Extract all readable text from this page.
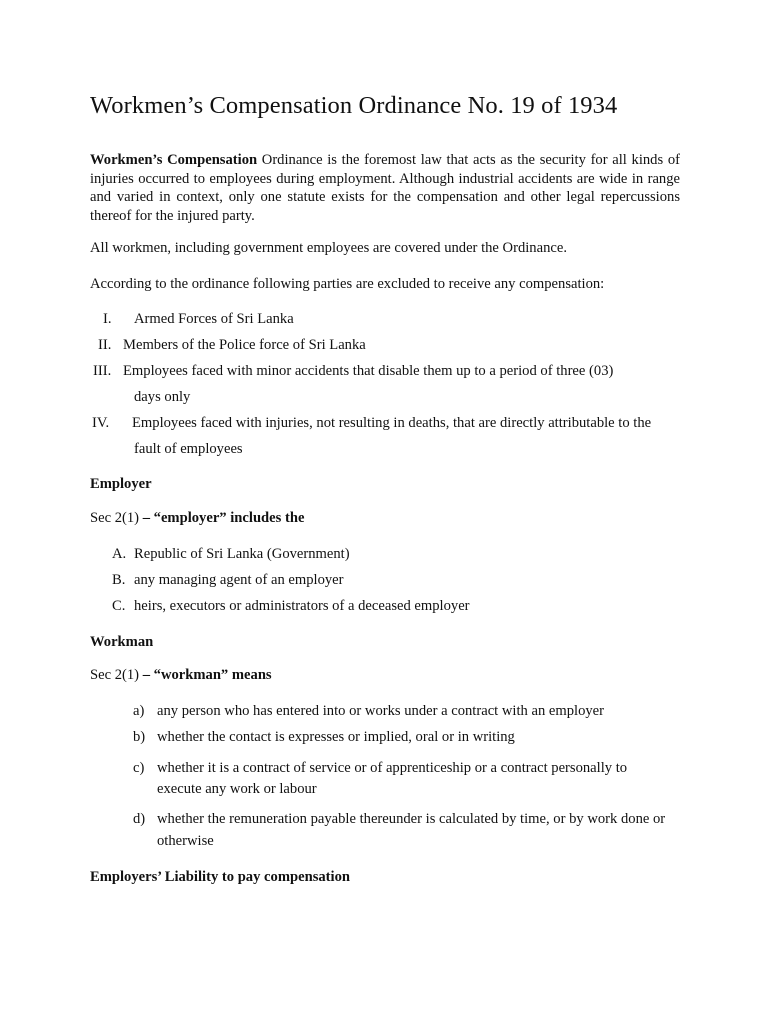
Workmen’s Compensation Ordinance No. 19 of 1934

Workmen’s Compensation Ordinance is the foremost law that acts as the security for all kinds of injuries occurred to employees during employment. Although industrial accidents are wide in range and varied in context, only one statute exists for the compensation and other legal repercussions thereof for the injured party.

All workmen, including government employees are covered under the Ordinance.

According to the ordinance following parties are excluded to receive any compensation:

I. Armed Forces of Sri Lanka
II. Members of the Police force of Sri Lanka
III. Employees faced with minor accidents that disable them up to a period of three (03)
days only
IV. Employees faced with injuries, not resulting in deaths, that are directly attributable to the
fault of employees

Employer

Sec 2(1) – “employer” includes the

A. Republic of Sri Lanka (Government)
B. any managing agent of an employer
C. heirs, executors or administrators of a deceased employer

Workman

Sec 2(1) – “workman” means

a) any person who has entered into or works under a contract with an employer
b) whether the contact is expresses or implied, oral or in writing
c) whether it is a contract of service or of apprenticeship or a contract personally to
execute any work or labour
d) whether the remuneration payable thereunder is calculated by time, or by work done or
otherwise

Employers’ Liability to pay compensation
